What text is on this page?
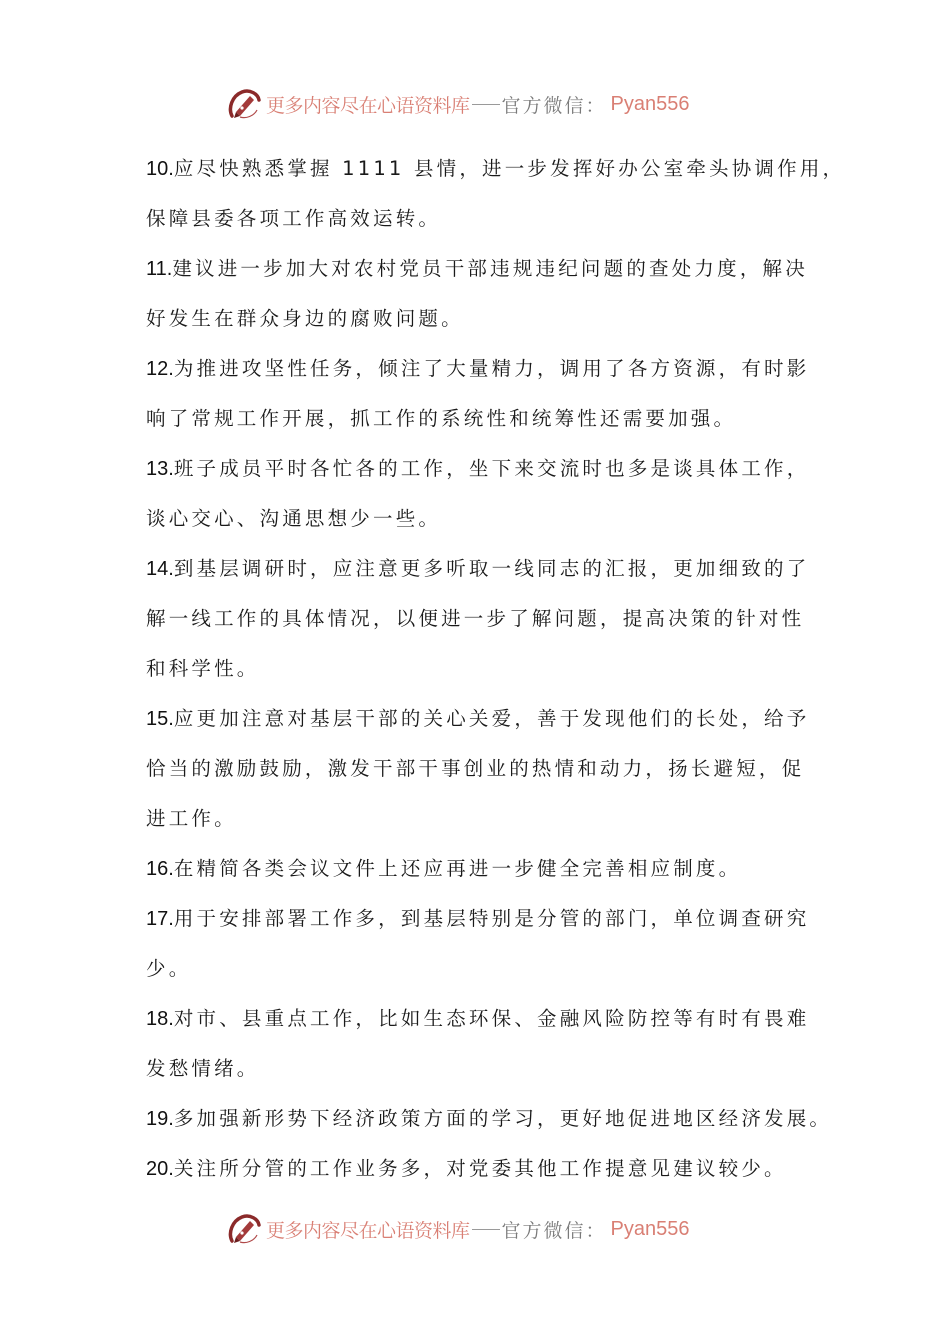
更多内容尽在心语资料库 官方微信： Pyan556
10.应尽快熟悉掌握 1111 县情，进一步发挥好办公室牵头协调作用，
保障县委各项工作高效运转。
11.建议进一步加大对农村党员干部违规违纪问题的查处力度，解决
好发生在群众身边的腐败问题。
12.为推进攻坚性任务，倾注了大量精力，调用了各方资源，有时影
响了常规工作开展，抓工作的系统性和统筹性还需要加强。
13.班子成员平时各忙各的工作，坐下来交流时也多是谈具体工作，
谈心交心、沟通思想少一些。
14.到基层调研时，应注意更多听取一线同志的汇报，更加细致的了
解一线工作的具体情况，以便进一步了解问题，提高决策的针对性
和科学性。
15.应更加注意对基层干部的关心关爱，善于发现他们的长处，给予
恰当的激励鼓励，激发干部干事创业的热情和动力，扬长避短，促
进工作。
16.在精简各类会议文件上还应再进一步健全完善相应制度。
17.用于安排部署工作多，到基层特别是分管的部门，单位调查研究
少。
18.对市、县重点工作，比如生态环保、金融风险防控等有时有畏难
发愁情绪。
19.多加强新形势下经济政策方面的学习，更好地促进地区经济发展。
20.关注所分管的工作业务多，对党委其他工作提意见建议较少。
更多内容尽在心语资料库 官方微信： Pyan556
